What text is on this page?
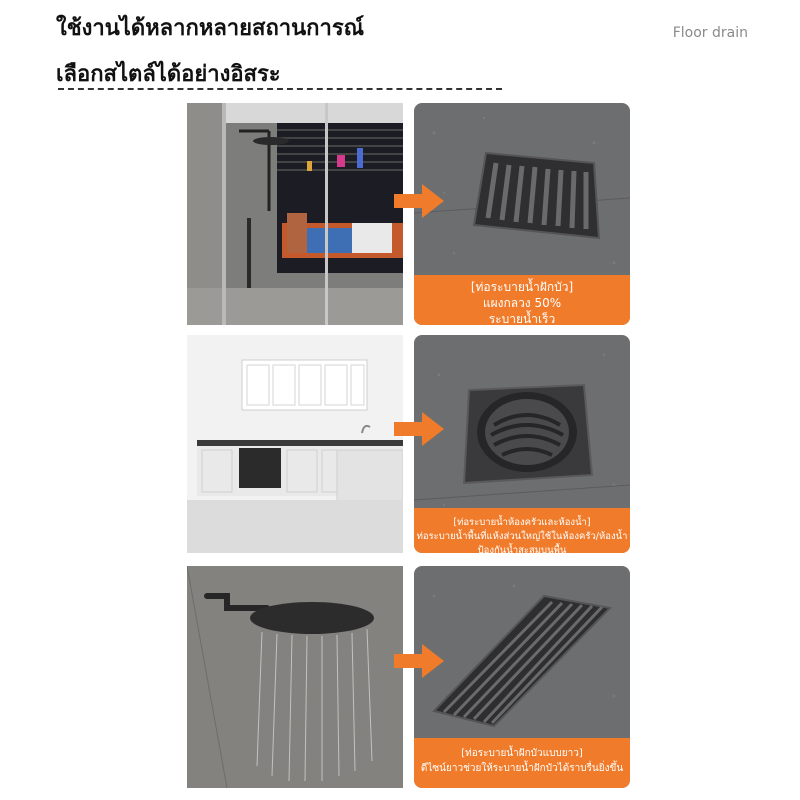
ใช้งานได้หลากหลายสถานการณ์
เลือกสไตล์ได้อย่างอิสระ
Floor drain
[ท่อระบายน้ำฝักบัว]
แผงกลวง 50%
ระบายน้ำเร็ว
[ท่อระบายน้ำห้องครัวและห้องน้ำ]
ท่อระบายน้ำพื้นที่แห้งส่วนใหญ่ใช้ในห้องครัว/ห้องน้ำ
ป้องกันน้ำสะสมบนพื้น
[ท่อระบายน้ำฝักบัวแบบยาว]
ดีไซน์ยาวช่วยให้ระบายน้ำฝักบัวได้ราบรื่นยิ่งขึ้น
